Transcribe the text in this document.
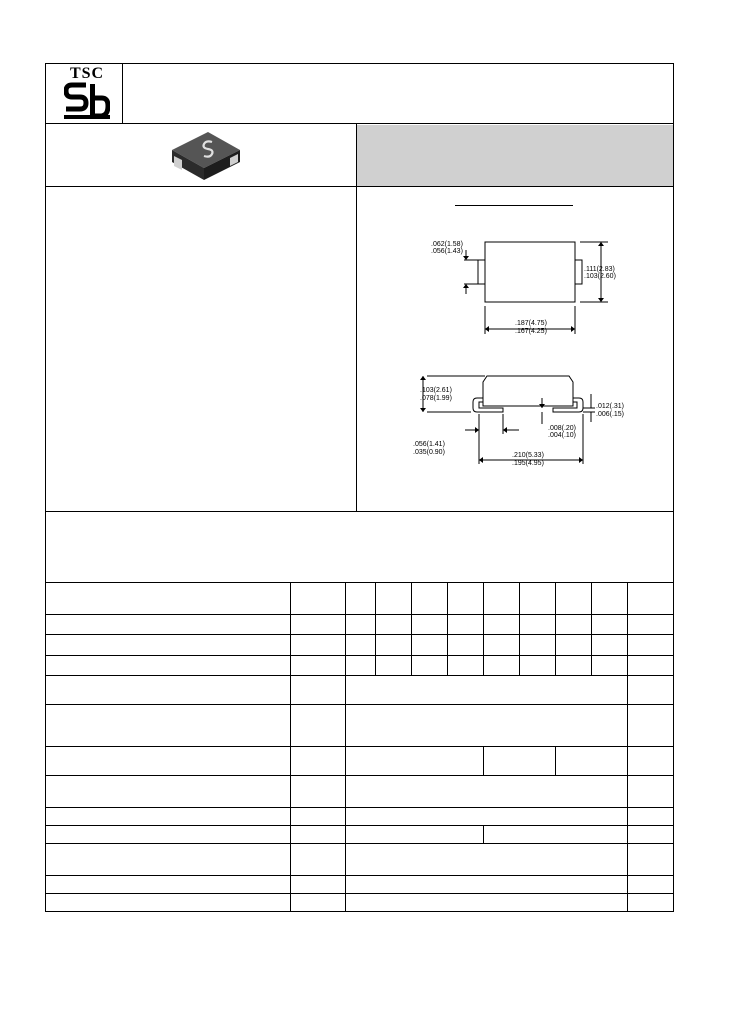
TSC
.062(1.58)
.056(1.43)
.111(2.83)
.103(2.60)
.187(4.75)
.167(4.25)
.103(2.61)
.078(1.99)
.012(.31)
.006(.15)
.008(.20)
.004(.10)
.056(1.41)
.035(0.90)	.210(5.33)
.195(4.95)
